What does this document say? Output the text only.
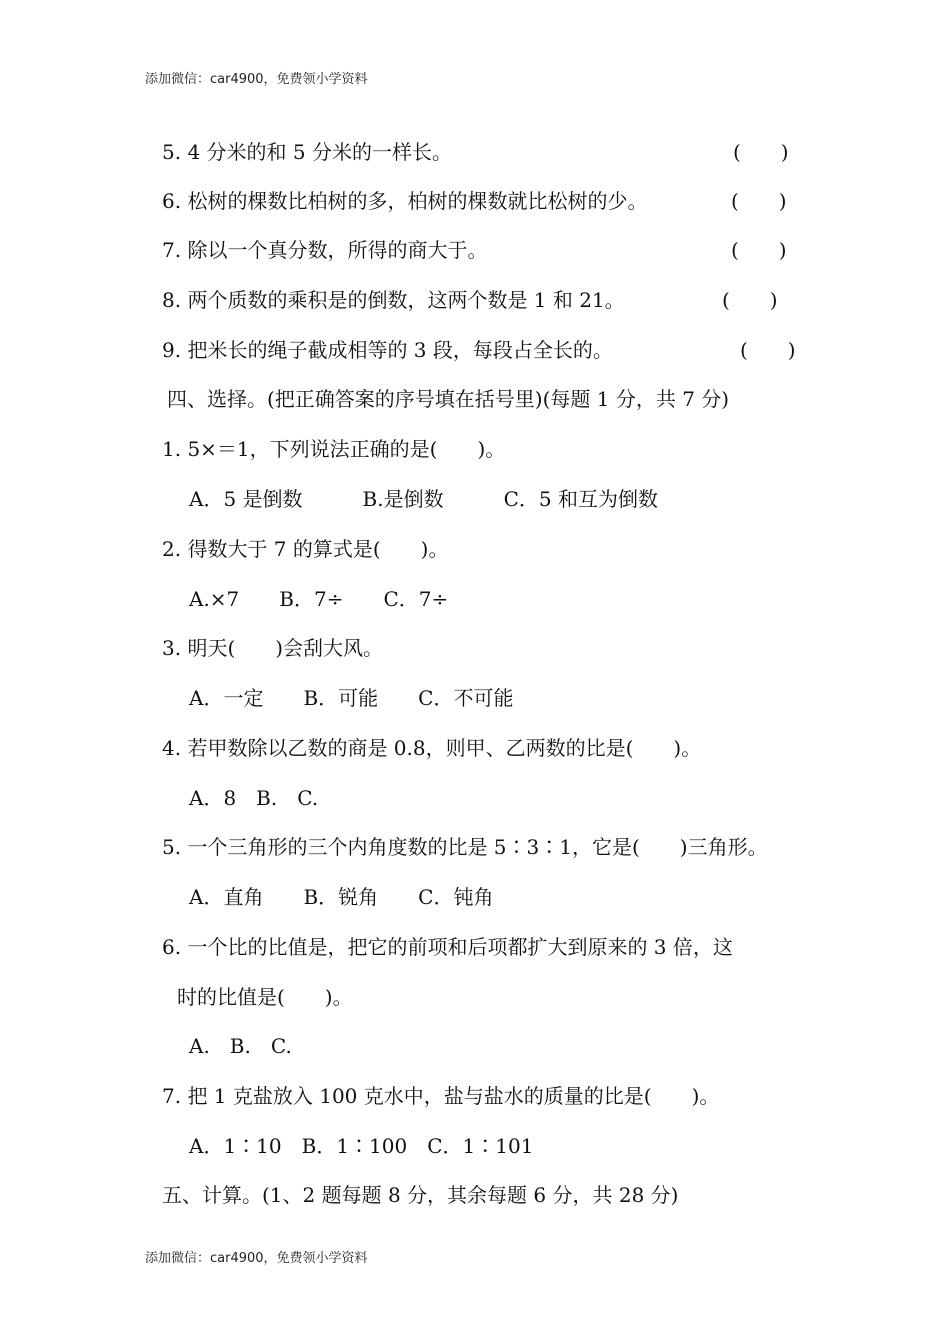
添加微信：car4900，免费领小学资料
5. 4 分米的和 5 分米的一样长。	(　　)
6. 松树的棵数比柏树的多，柏树的棵数就比松树的少。	(　　)
7. 除以一个真分数，所得的商大于。	(　　)
8. 两个质数的乘积是的倒数，这两个数是 1 和 21。	(　　)
9. 把米长的绳子截成相等的 3 段，每段占全长的。	(　　)
四、选择。(把正确答案的序号填在括号里)(每题 1 分，共 7 分)
1. 5×＝1，下列说法正确的是(　　)。
A．5 是倒数　　　B.是倒数　　　C．5 和互为倒数
2. 得数大于 7 的算式是(　　)。
A.×7　　B．7÷　　C．7÷
3. 明天(　　)会刮大风。
A．一定　　B．可能　　C．不可能
4. 若甲数除以乙数的商是 0.8，则甲、乙两数的比是(　　)。
A．8　B.　C.
5. 一个三角形的三个内角度数的比是 5∶3∶1，它是(　　)三角形。
A．直角　　B．锐角　　C．钝角
6. 一个比的比值是，把它的前项和后项都扩大到原来的 3 倍，这
时的比值是(　　)。
A.　B.　C.
7. 把 1 克盐放入 100 克水中，盐与盐水的质量的比是(　　)。
A．1∶10　B．1∶100　C．1∶101
五、计算。(1、2 题每题 8 分，其余每题 6 分，共 28 分)
添加微信：car4900，免费领小学资料
